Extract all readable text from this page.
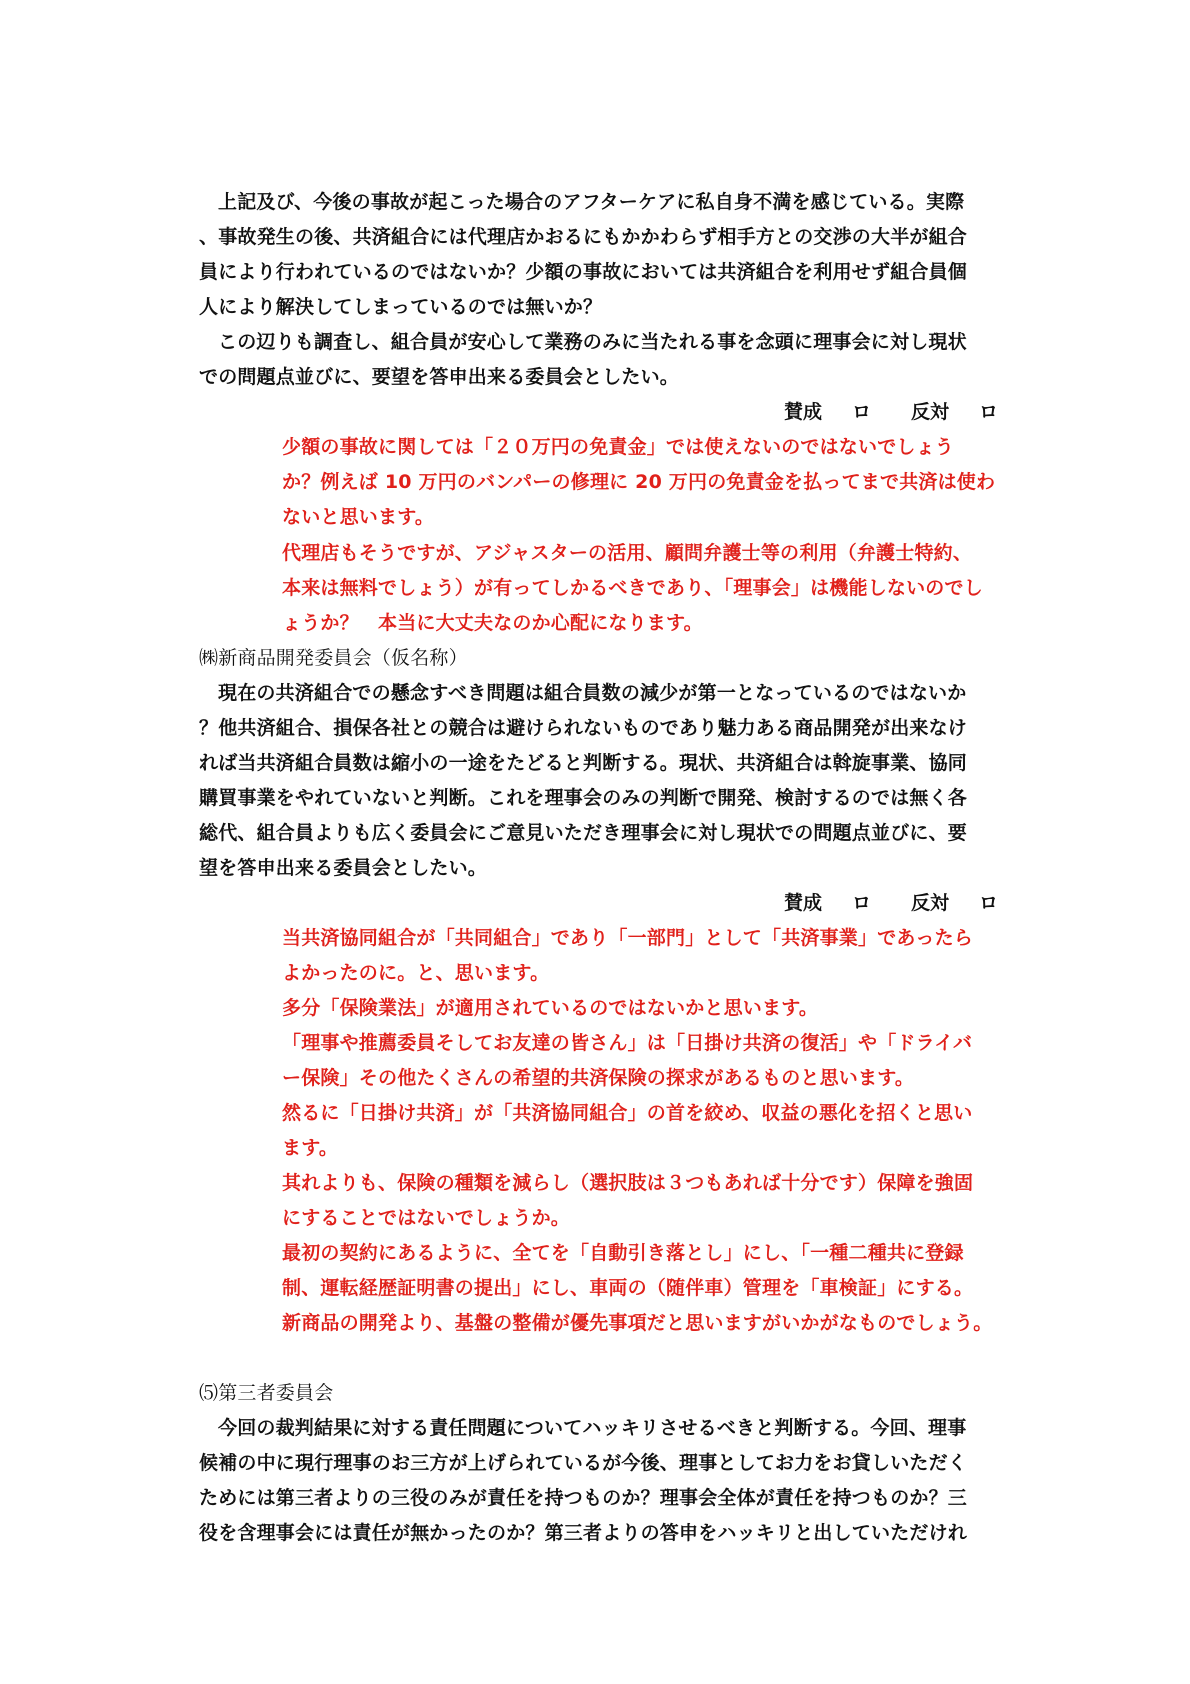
上記及び、今後の事故が起こった場合のアフターケアに私自身不満を感じている。実際

、事故発生の後、共済組合には代理店かおるにもかかわらず相手方との交渉の大半が組合

員により行われているのではないか？少額の事故においては共済組合を利用せず組合員個

人により解決してしまっているのでは無いか？

この辺りも調査し、組合員が安心して業務のみに当たれる事を念頭に理事会に対し現状

での問題点並びに、要望を答申出来る委員会としたい。

賛成 ロ 反対 ロ

少額の事故に関しては「２０万円の免責金」では使えないのではないでしょう

か？例えば 10 万円のバンパーの修理に 20 万円の免責金を払ってまで共済は使わ

ないと思います。

代理店もそうですが、アジャスターの活用、顧問弁護士等の利用（弁護士特約、

本来は無料でしょう）が有ってしかるべきであり、「理事会」は機能しないのでし

ょうか？　本当に大丈夫なのか心配になります。

㈱新商品開発委員会（仮名称）

現在の共済組合での懸念すべき問題は組合員数の減少が第一となっているのではないか

？他共済組合、損保各社との競合は避けられないものであり魅力ある商品開発が出来なけ

れば当共済組合員数は縮小の一途をたどると判断する。現状、共済組合は斡旋事業、協同

購買事業をやれていないと判断。これを理事会のみの判断で開発、検討するのでは無く各

総代、組合員よりも広く委員会にご意見いただき理事会に対し現状での問題点並びに、要

望を答申出来る委員会としたい。

賛成 ロ 反対 ロ

当共済協同組合が「共同組合」であり「一部門」として「共済事業」であったら

よかったのに。と、思います。

多分「保険業法」が適用されているのではないかと思います。

「理事や推薦委員そしてお友達の皆さん」は「日掛け共済の復活」や「ドライバ

ー保険」その他たくさんの希望的共済保険の探求があるものと思います。

然るに「日掛け共済」が「共済協同組合」の首を絞め、収益の悪化を招くと思い

ます。

其れよりも、保険の種類を減らし（選択肢は３つもあれば十分です）保障を強固

にすることではないでしょうか。

最初の契約にあるように、全てを「自動引き落とし」にし、「一種二種共に登録

制、運転経歴証明書の提出」にし、車両の（随伴車）管理を「車検証」にする。

新商品の開発より、基盤の整備が優先事項だと思いますがいかがなものでしょう。

⑸第三者委員会

今回の裁判結果に対する責任問題についてハッキリさせるべきと判断する。今回、理事

候補の中に現行理事のお三方が上げられているが今後、理事としてお力をお貸しいただく

ためには第三者よりの三役のみが責任を持つものか？理事会全体が責任を持つものか？三

役を含理事会には責任が無かったのか？第三者よりの答申をハッキリと出していただけれ
